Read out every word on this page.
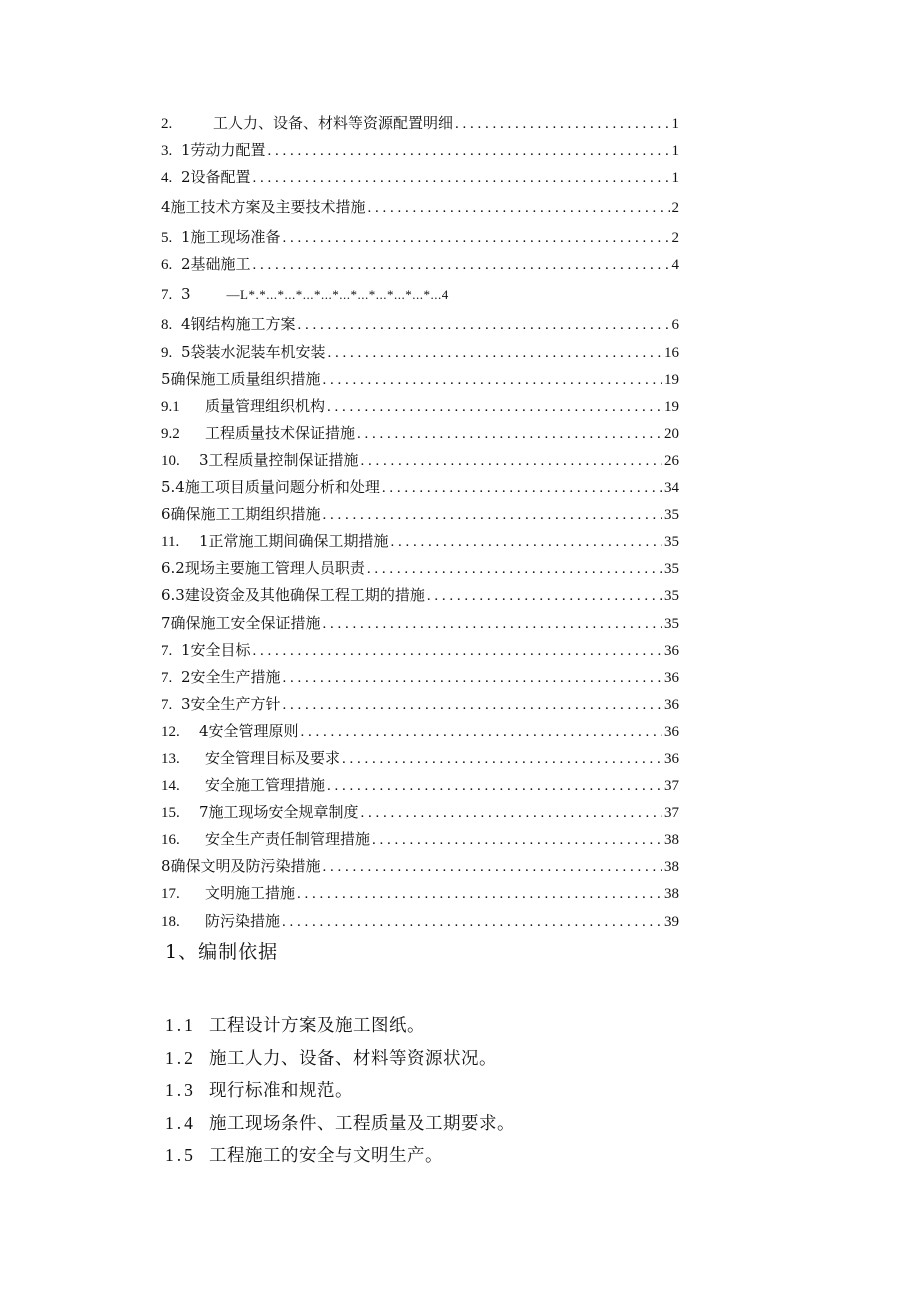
2.	工人力、设备、材料等资源配置明细 . . .	1
3. 1劳动力配置 . . .	1
4. 2设备配置 . . .	1
4施工技术方案及主要技术措施 . . .	2
5. 1施工现场准备 . . .	2
6. 2基础施工 . . .	4
7. 3	—L*.*...*...*...*...*...*...*...*...*...*...4
8. 4钢结构施工方案 . . .	6
9. 5袋装水泥装车机安装 . . .	16
5确保施工质量组织措施 . . .	19
9.1	质量管理组织机构 . . .	19
9.2	工程质量技术保证措施 . . .	20
10.	3工程质量控制保证措施 . . .	26
5.4施工项目质量问题分析和处理 . . .	34
6确保施工工期组织措施 . . .	35
11.	1正常施工期间确保工期措施 . . .	35
6.2现场主要施工管理人员职责 . . .	35
6.3建设资金及其他确保工程工期的措施 . . .	35
7确保施工安全保证措施 . . .	35
7. 1安全目标 . . .	36
7. 2安全生产措施 . . .	36
7. 3安全生产方针 . . .	36
12.	4安全管理原则 . . .	36
13.	安全管理目标及要求 . . .	36
14.	安全施工管理措施 . . .	37
15.	7施工现场安全规章制度 . . .	37
16.	安全生产责任制管理措施 . . .	38
8确保文明及防污染措施 . . .	38
17.	文明施工措施 . . .	38
18.	防污染措施 . . .	39
1、编制依据
1.1 工程设计方案及施工图纸。
1.2 施工人力、设备、材料等资源状况。
1.3 现行标准和规范。
1.4 施工现场条件、工程质量及工期要求。
1.5 工程施工的安全与文明生产。
